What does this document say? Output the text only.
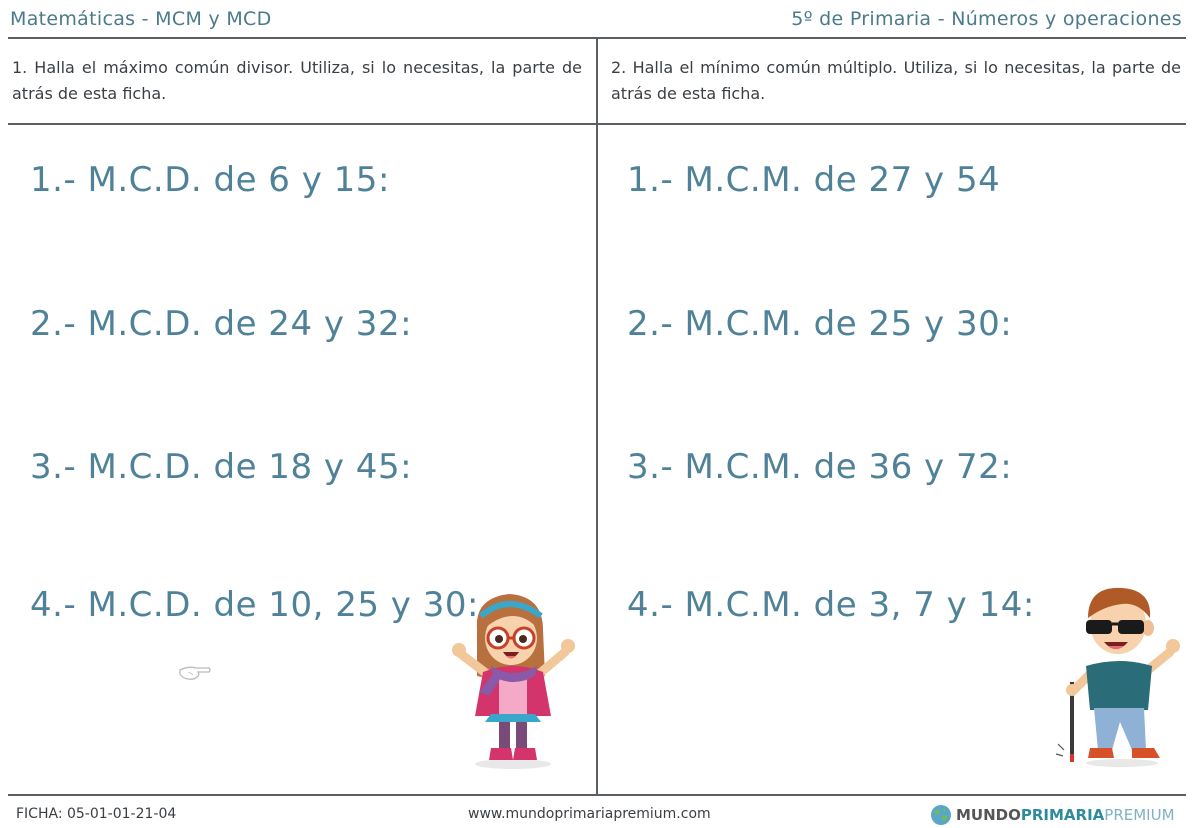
Matemáticas - MCM y MCD	5º de Primaria - Números y operaciones
1. Halla el máximo común divisor. Utiliza, si lo necesitas, la parte de atrás de esta ficha.
2. Halla el mínimo común múltiplo. Utiliza, si lo necesitas, la parte de atrás de esta ficha.
1.- M.C.D. de 6 y 15:
2.- M.C.D. de 24 y 32:
3.- M.C.D. de 18 y 45:
4.- M.C.D. de 10, 25 y 30:
1.- M.C.M. de 27 y 54
2.- M.C.M. de 25 y 30:
3.- M.C.M. de 36 y 72:
4.- M.C.M. de 3, 7 y 14:
FICHA: 05-01-01-21-04	www.mundoprimariapremium.com	MUNDO PRIMARIA PREMIUM
